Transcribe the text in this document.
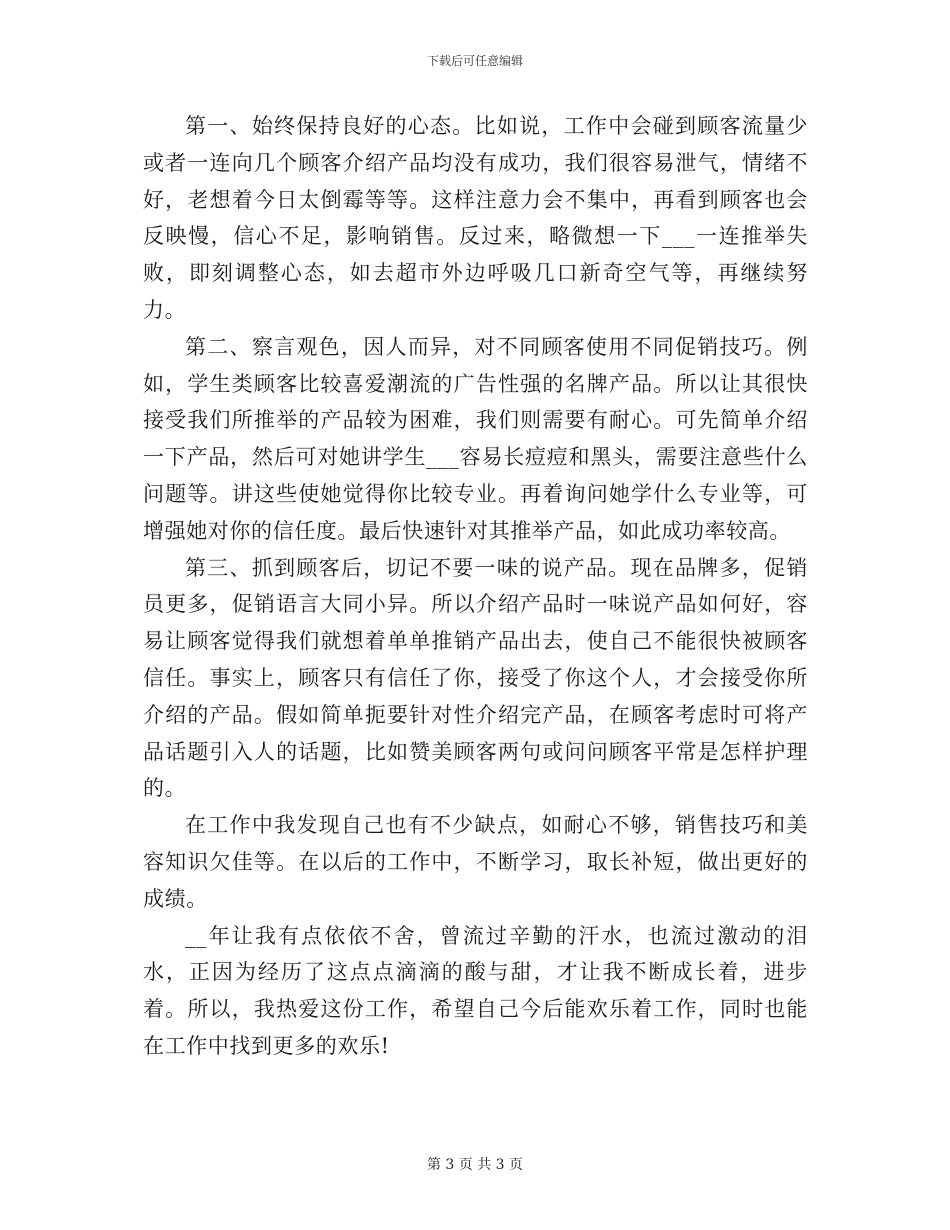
下载后可任意编辑

第一、始终保持良好的心态。比如说，工作中会碰到顾客流量少或者一连向几个顾客介绍产品均没有成功，我们很容易泄气，情绪不好，老想着今日太倒霉等等。这样注意力会不集中，再看到顾客也会反映慢，信心不足，影响销售。反过来，略微想一下___一连推举失败，即刻调整心态，如去超市外边呼吸几口新奇空气等，再继续努力。

第二、察言观色，因人而异，对不同顾客使用不同促销技巧。例如，学生类顾客比较喜爱潮流的广告性强的名牌产品。所以让其很快接受我们所推举的产品较为困难，我们则需要有耐心。可先简单介绍一下产品，然后可对她讲学生___容易长痘痘和黑头，需要注意些什么问题等。讲这些使她觉得你比较专业。再着询问她学什么专业等，可增强她对你的信任度。最后快速针对其推举产品，如此成功率较高。

第三、抓到顾客后，切记不要一味的说产品。现在品牌多，促销员更多，促销语言大同小异。所以介绍产品时一味说产品如何好，容易让顾客觉得我们就想着单单推销产品出去，使自己不能很快被顾客信任。事实上，顾客只有信任了你，接受了你这个人，才会接受你所介绍的产品。假如简单扼要针对性介绍完产品，在顾客考虑时可将产品话题引入人的话题，比如赞美顾客两句或问问顾客平常是怎样护理的。

在工作中我发现自己也有不少缺点，如耐心不够，销售技巧和美容知识欠佳等。在以后的工作中，不断学习，取长补短，做出更好的成绩。

__年让我有点依依不舍，曾流过辛勤的汗水，也流过激动的泪水，正因为经历了这点点滴滴的酸与甜，才让我不断成长着，进步着。所以，我热爱这份工作，希望自己今后能欢乐着工作，同时也能在工作中找到更多的欢乐!

第 3 页 共 3 页
